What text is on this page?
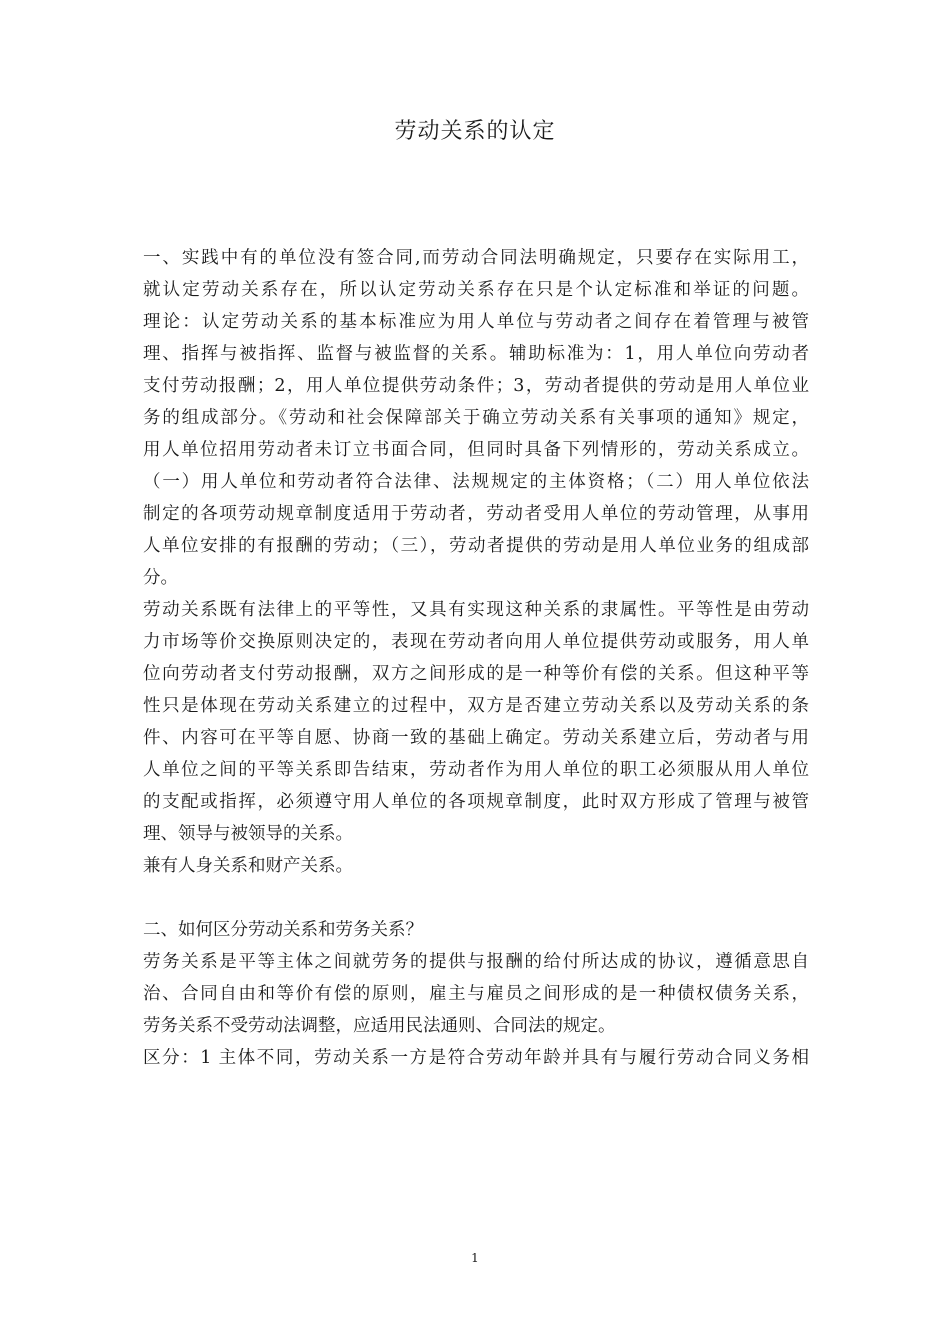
劳动关系的认定
一、实践中有的单位没有签合同,而劳动合同法明确规定，只要存在实际用工，
就认定劳动关系存在，所以认定劳动关系存在只是个认定标准和举证的问题。
理论：认定劳动关系的基本标准应为用人单位与劳动者之间存在着管理与被管
理、指挥与被指挥、监督与被监督的关系。辅助标准为：1，用人单位向劳动者
支付劳动报酬；2，用人单位提供劳动条件；3，劳动者提供的劳动是用人单位业
务的组成部分。《劳动和社会保障部关于确立劳动关系有关事项的通知》规定，
用人单位招用劳动者未订立书面合同，但同时具备下列情形的，劳动关系成立。
（一）用人单位和劳动者符合法律、法规规定的主体资格；（二）用人单位依法
制定的各项劳动规章制度适用于劳动者，劳动者受用人单位的劳动管理，从事用
人单位安排的有报酬的劳动；（三），劳动者提供的劳动是用人单位业务的组成部
分。
劳动关系既有法律上的平等性，又具有实现这种关系的隶属性。平等性是由劳动
力市场等价交换原则决定的，表现在劳动者向用人单位提供劳动或服务，用人单
位向劳动者支付劳动报酬，双方之间形成的是一种等价有偿的关系。但这种平等
性只是体现在劳动关系建立的过程中，双方是否建立劳动关系以及劳动关系的条
件、内容可在平等自愿、协商一致的基础上确定。劳动关系建立后，劳动者与用
人单位之间的平等关系即告结束，劳动者作为用人单位的职工必须服从用人单位
的支配或指挥，必须遵守用人单位的各项规章制度，此时双方形成了管理与被管
理、领导与被领导的关系。
兼有人身关系和财产关系。
二、如何区分劳动关系和劳务关系？
劳务关系是平等主体之间就劳务的提供与报酬的给付所达成的协议，遵循意思自
治、合同自由和等价有偿的原则，雇主与雇员之间形成的是一种债权债务关系，
劳务关系不受劳动法调整，应适用民法通则、合同法的规定。
区分：1 主体不同，劳动关系一方是符合劳动年龄并具有与履行劳动合同义务相
1
